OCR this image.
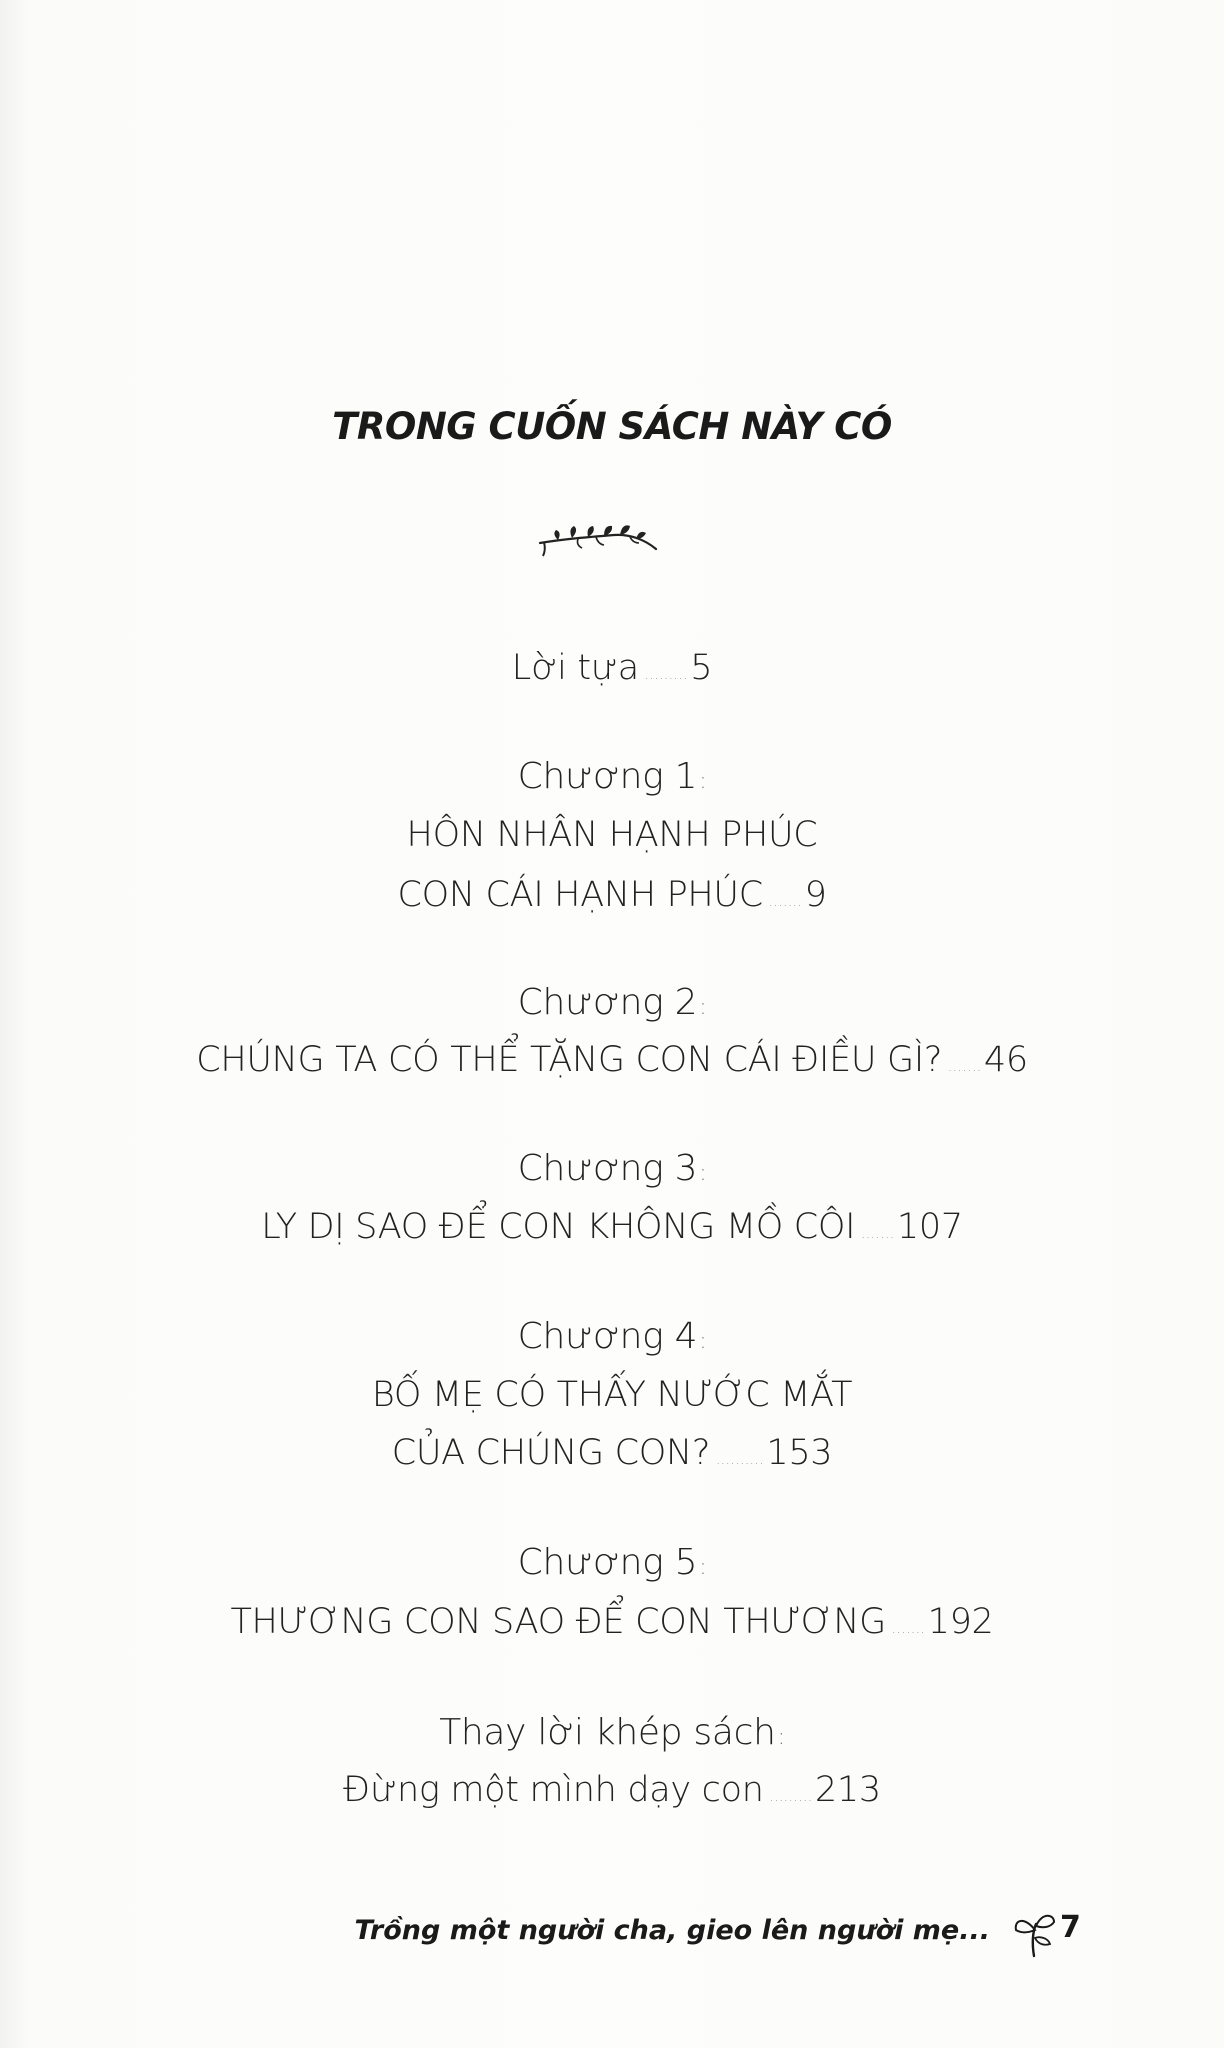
TRONG CUỐN SÁCH NÀY CÓ
Lời tựa .........5
Chương 1:
HÔN NHÂN HẠNH PHÚC
CON CÁI HẠNH PHÚC .......9
Chương 2:
CHÚNG TA CÓ THỂ TẶNG CON CÁI ĐIỀU GÌ? .......46
Chương 3:
LY DỊ SAO ĐỂ CON KHÔNG MỒ CÔI .......107
Chương 4:
BỐ MẸ CÓ THẤY NƯỚC MẮT
CỦA CHÚNG CON? ..........153
Chương 5:
THƯƠNG CON SAO ĐỂ CON THƯƠNG .......192
Thay lời khép sách:
Đừng một mình dạy con .........213
Trồng một người cha, gieo lên người mẹ... 7
